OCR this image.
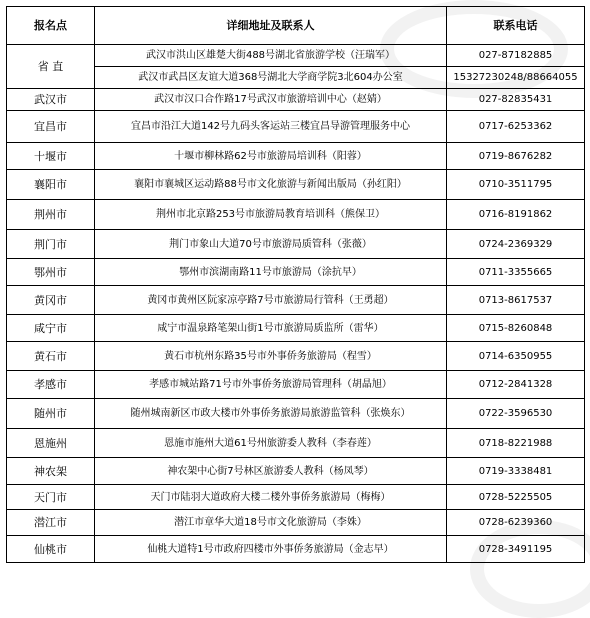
报名点	详细地址及联系人	联系电话
省 直	武汉市洪山区雄楚大街488号湖北省旅游学校（汪瑞军）	027-87182885
	武汉市武昌区友谊大道368号湖北大学商学院3北604办公室	15327230248/88664055
武汉市	武汉市汉口合作路17号武汉市旅游培训中心（赵婧）	027-82835431
宜昌市	宜昌市沿江大道142号九码头客运站三楼宜昌导游管理服务中心	0717-6253362
十堰市	十堰市柳林路62号市旅游局培训科（阳蓉）	0719-8676282
襄阳市	襄阳市襄城区运动路88号市文化旅游与新闻出版局（孙红阳）	0710-3511795
荆州市	荆州市北京路253号市旅游局教育培训科（熊保卫）	0716-8191862
荆门市	荆门市象山大道70号市旅游局质管科（张薇）	0724-2369329
鄂州市	鄂州市滨湖南路11号市旅游局（涂抗早）	0711-3355665
黄冈市	黄冈市黄州区阮家凉亭路7号市旅游局行管科（王勇超）	0713-8617537
咸宁市	咸宁市温泉路笔架山街1号市旅游局质监所（雷华）	0715-8260848
黄石市	黄石市杭州东路35号市外事侨务旅游局（程雪）	0714-6350955
孝感市	孝感市城站路71号市外事侨务旅游局管理科（胡晶旭）	0712-2841328
随州市	随州城南新区市政大楼市外事侨务旅游局旅游监管科（张焕东）	0722-3596530
恩施州	恩施市施州大道61号州旅游委人教科（李春莲）	0718-8221988
神农架	神农架中心街7号林区旅游委人教科（杨凤琴）	0719-3338481
天门市	天门市陆羽大道政府大楼二楼外事侨务旅游局（梅梅）	0728-5225505
潜江市	潜江市章华大道18号市文化旅游局（李姝）	0728-6239360
仙桃市	仙桃大道特1号市政府四楼市外事侨务旅游局（金志早）	0728-3491195
